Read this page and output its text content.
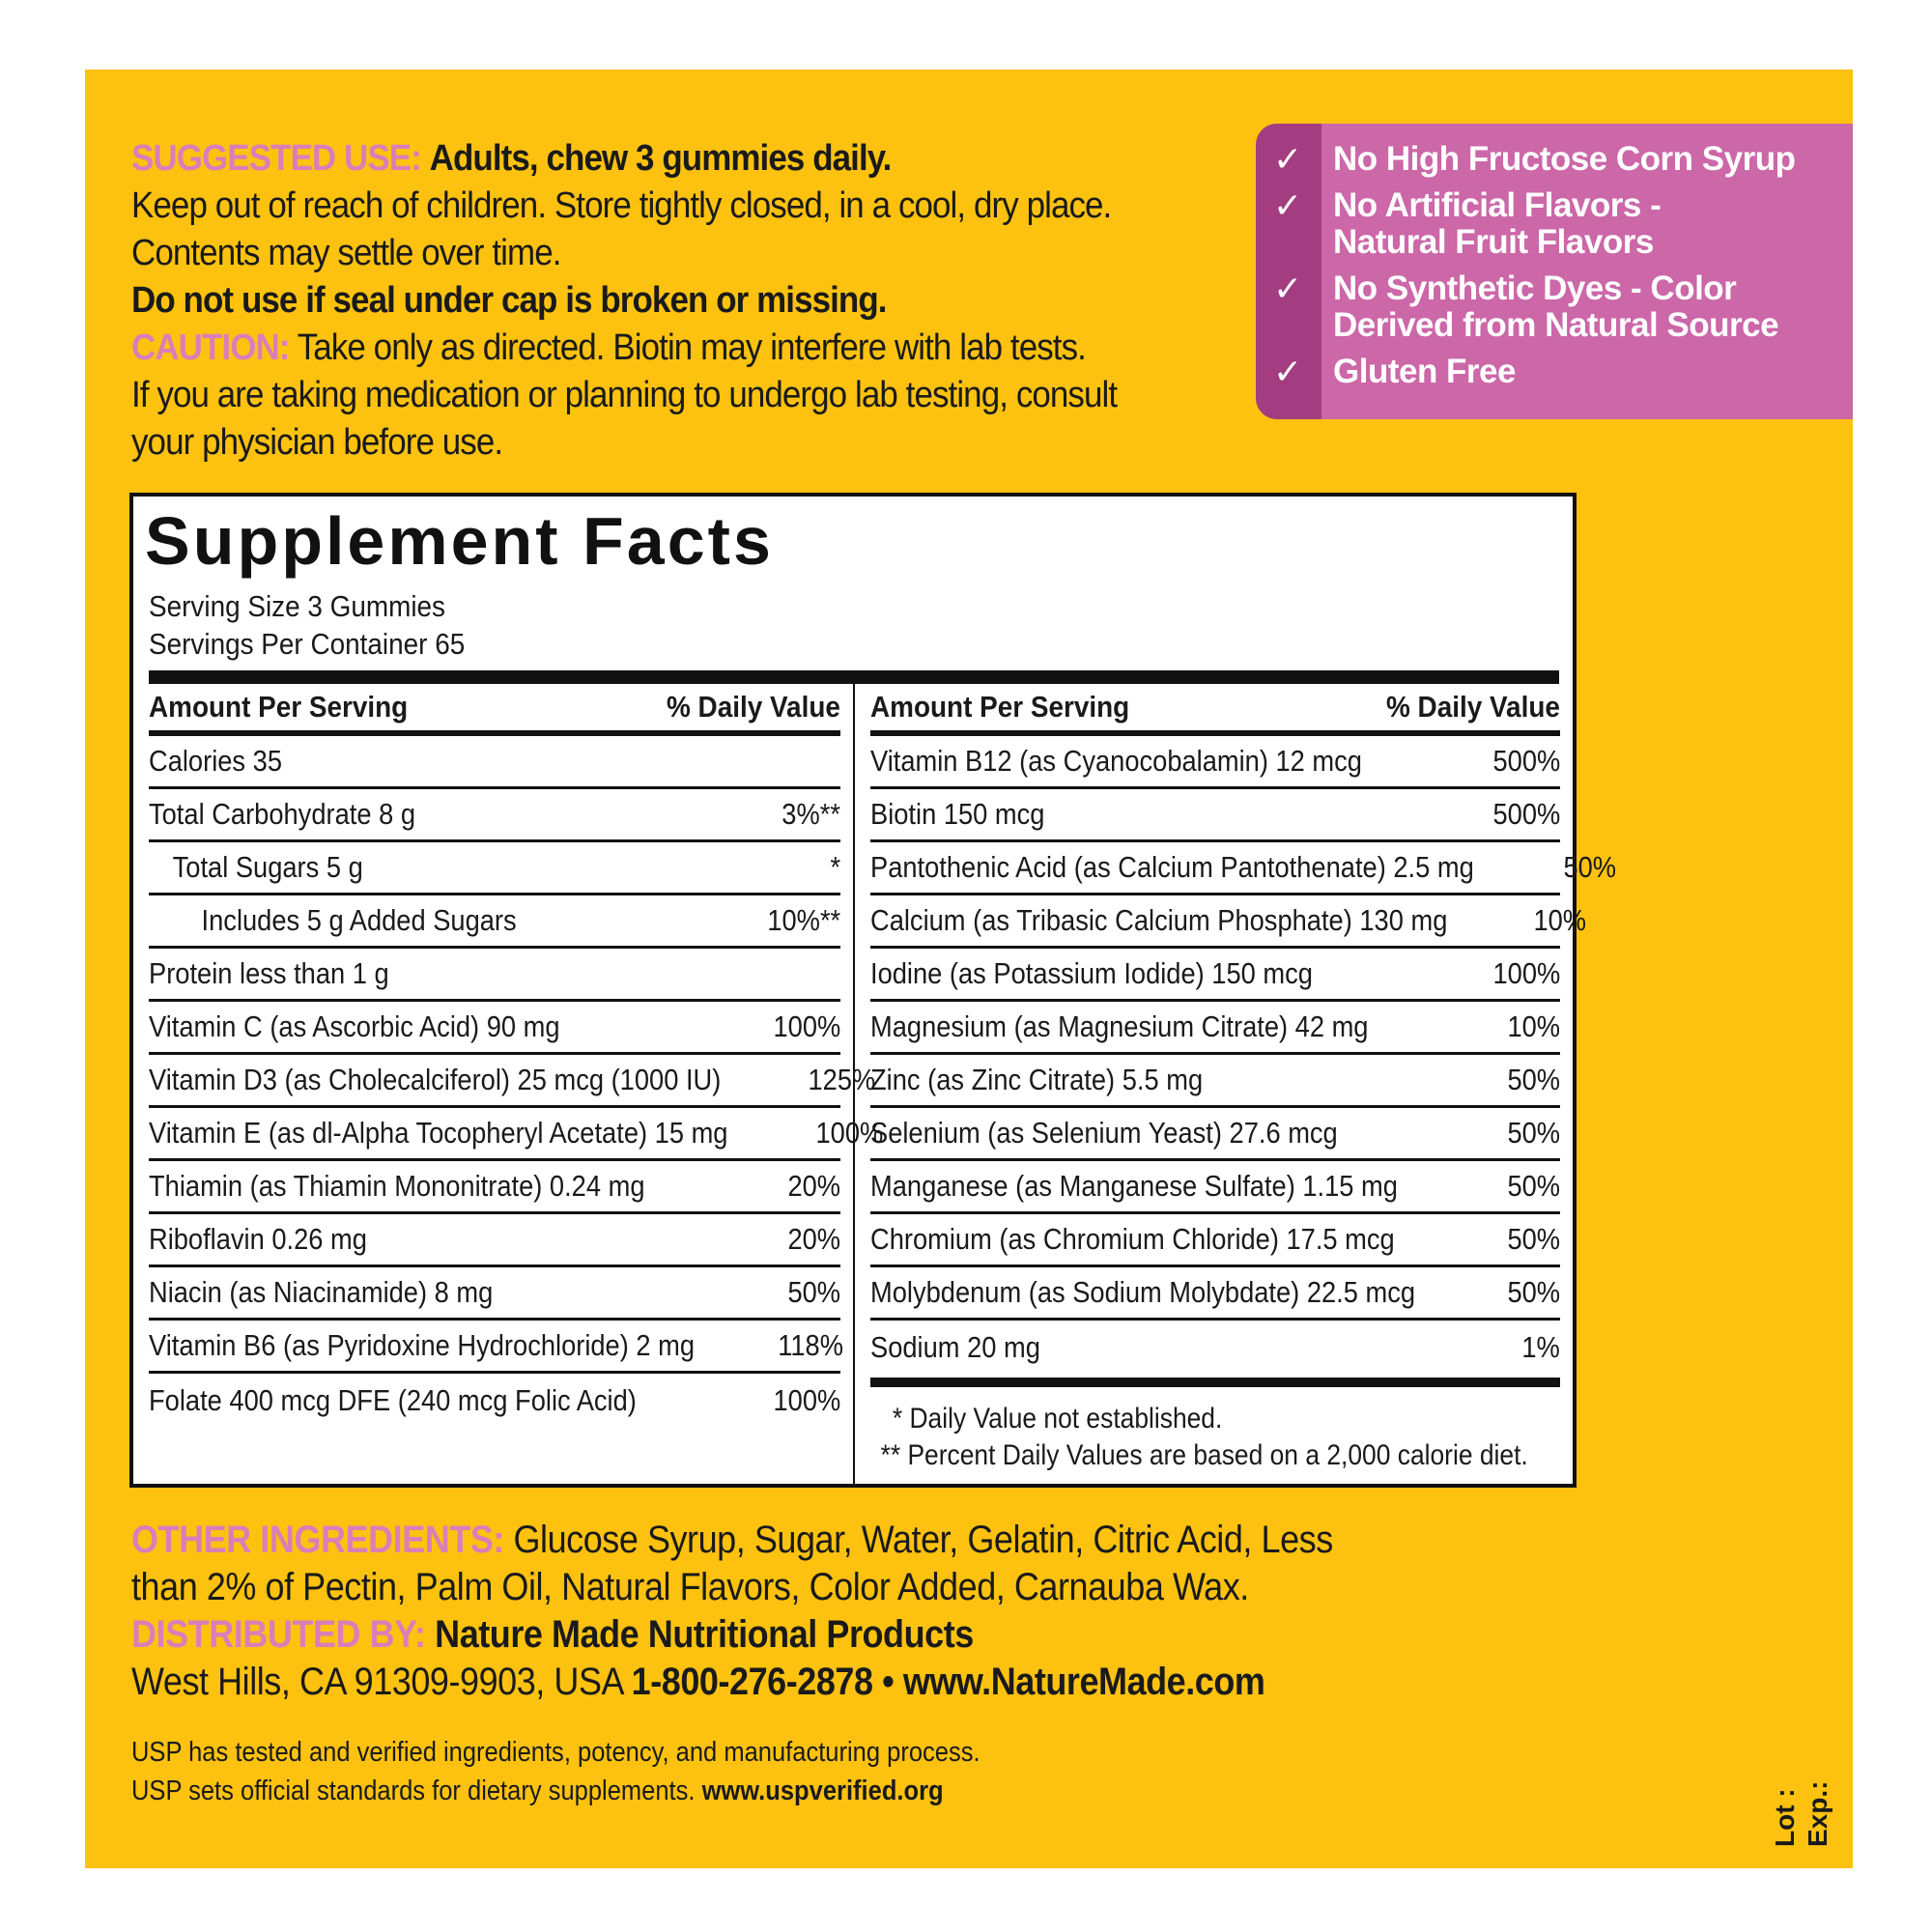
SUGGESTED USE: Adults, chew 3 gummies daily.

Keep out of reach of children. Store tightly closed, in a cool, dry place.

Contents may settle over time.

Do not use if seal under cap is broken or missing.

CAUTION: Take only as directed. Biotin may interfere with lab tests.

If you are taking medication or planning to undergo lab testing, consult

your physician before use.

✓ No High Fructose Corn Syrup
✓ No Artificial Flavors -
Natural Fruit Flavors
✓ No Synthetic Dyes - Color
Derived from Natural Source
✓ Gluten Free
Supplement Facts
Serving Size 3 Gummies
Servings Per Container 65
Amount Per Serving	% Daily Value
Calories 35
Total Carbohydrate 8 g	3%**
Total Sugars 5 g	*
Includes 5 g Added Sugars	10%**
Protein less than 1 g
Vitamin C (as Ascorbic Acid) 90 mg	100%
Vitamin D3 (as Cholecalciferol) 25 mcg (1000 IU)	125%
Vitamin E (as dl-Alpha Tocopheryl Acetate) 15 mg	100%
Thiamin (as Thiamin Mononitrate) 0.24 mg	20%
Riboflavin 0.26 mg	20%
Niacin (as Niacinamide) 8 mg	50%
Vitamin B6 (as Pyridoxine Hydrochloride) 2 mg	118%
Folate 400 mcg DFE (240 mcg Folic Acid)	100%
Amount Per Serving	% Daily Value
Vitamin B12 (as Cyanocobalamin) 12 mcg	500%
Biotin 150 mcg	500%
Pantothenic Acid (as Calcium Pantothenate) 2.5 mg	50%
Calcium (as Tribasic Calcium Phosphate) 130 mg	10%
Iodine (as Potassium Iodide) 150 mcg	100%
Magnesium (as Magnesium Citrate) 42 mg	10%
Zinc (as Zinc Citrate) 5.5 mg	50%
Selenium (as Selenium Yeast) 27.6 mcg	50%
Manganese (as Manganese Sulfate) 1.15 mg	50%
Chromium (as Chromium Chloride) 17.5 mcg	50%
Molybdenum (as Sodium Molybdate) 22.5 mcg	50%
Sodium 20 mg	1%
* Daily Value not established.
** Percent Daily Values are based on a 2,000 calorie diet.

OTHER INGREDIENTS: Glucose Syrup, Sugar, Water, Gelatin, Citric Acid, Less

than 2% of Pectin, Palm Oil, Natural Flavors, Color Added, Carnauba Wax.

DISTRIBUTED BY: Nature Made Nutritional Products

West Hills, CA 91309-9903, USA 1-800-276-2878 • www.NatureMade.com

USP has tested and verified ingredients, potency, and manufacturing process.

USP sets official standards for dietary supplements. www.uspverified.org	Lot : Exp.:
